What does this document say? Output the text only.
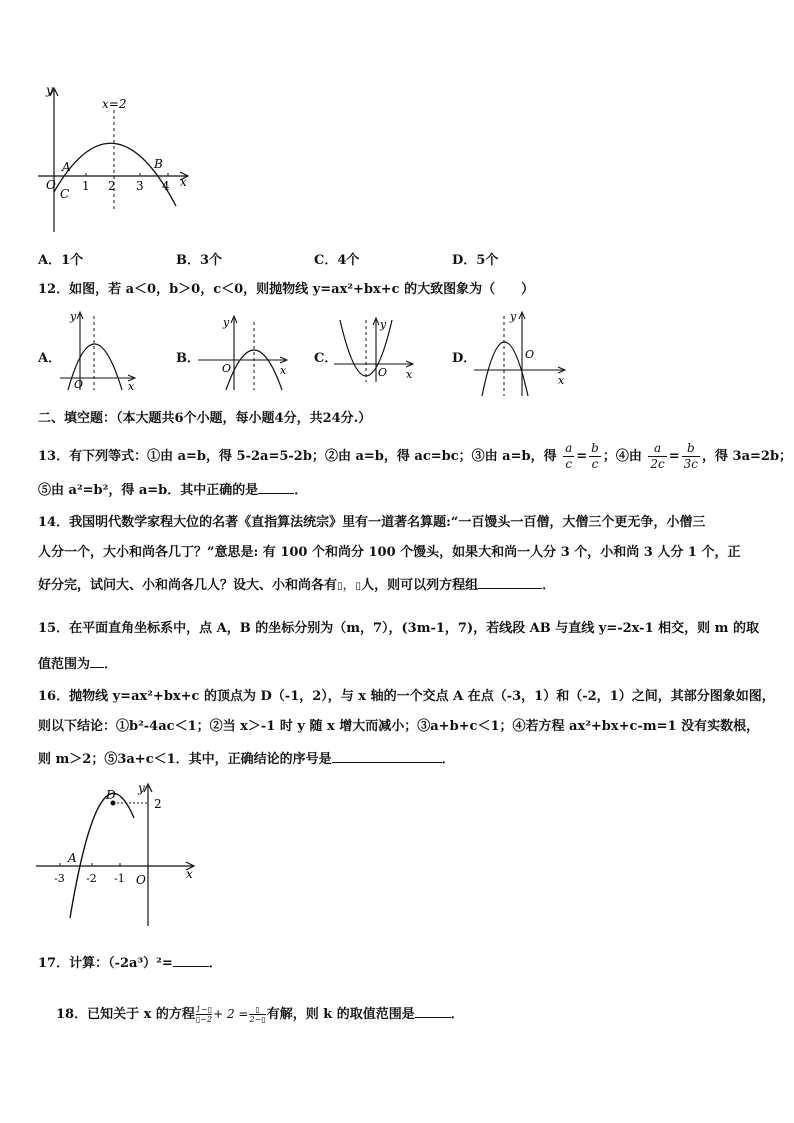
y
x=2
A	B
O
C
1 2 3 4 x
A．1个	B．3个	C．4个	D．5个
12．如图，若 a＜0，b＞0，c＜0，则抛物线 y=ax²+bx+c 的大致图象为（　　）
A．
y
O	x
B．
y
O	x
C．
y
O x
D．
y
O
x
二、填空题：（本大题共6个小题，每小题4分，共24分.）
13．有下列等式：①由 a=b，得 5-2a=5-2b；②由 a=b，得 ac=bc；③由 a=b，得 $\frac{a}{c} = \frac{b}{c}$ ；④由 $\frac{a}{2c} = \frac{b}{3c}$ ，得 3a=2b；
⑤由 a²=b²，得 a=b．其中正确的是	．
14．我国明代数学家程大位的名著《直指算法统宗》里有一道著名算题:“一百馒头一百僧，大僧三个更无争，小僧三
人分一个，大小和尚各几丁？”意思是: 有 100 个和尚分 100 个馒头，如果大和尚一人分 3 个，小和尚 3 人分 1 个，正
好分完，试问大、小和尚各几人？设大、小和尚各有▯，▯人，则可以列方程组	．
15．在平面直角坐标系中，点 A，B 的坐标分别为（m，7），(3m-1，7)，若线段 AB 与直线 y=-2x-1 相交，则 m 的取
值范围为 ．
16．抛物线 y=ax²+bx+c 的顶点为 D（-1，2），与 x 轴的一个交点 A 在点（-3，1）和（-2，1）之间，其部分图象如图，
则以下结论：①b²-4ac＜1；②当 x＞-1 时 y 随 x 增大而减小；③a+b+c＜1；④若方程 ax²+bx+c-m=1 没有实数根，
则 m＞2；⑤3a+c＜1．其中，正确结论的序号是	．
y
D
2
A
-3 -2 -1 O	x
17．计算：（-2a³）²=	．
18．已知关于 x 的方程 $\frac{1-▯}{▯-2}+ 2 = \frac{▯}{2-▯}$有解，则 k 的取值范围是	．
